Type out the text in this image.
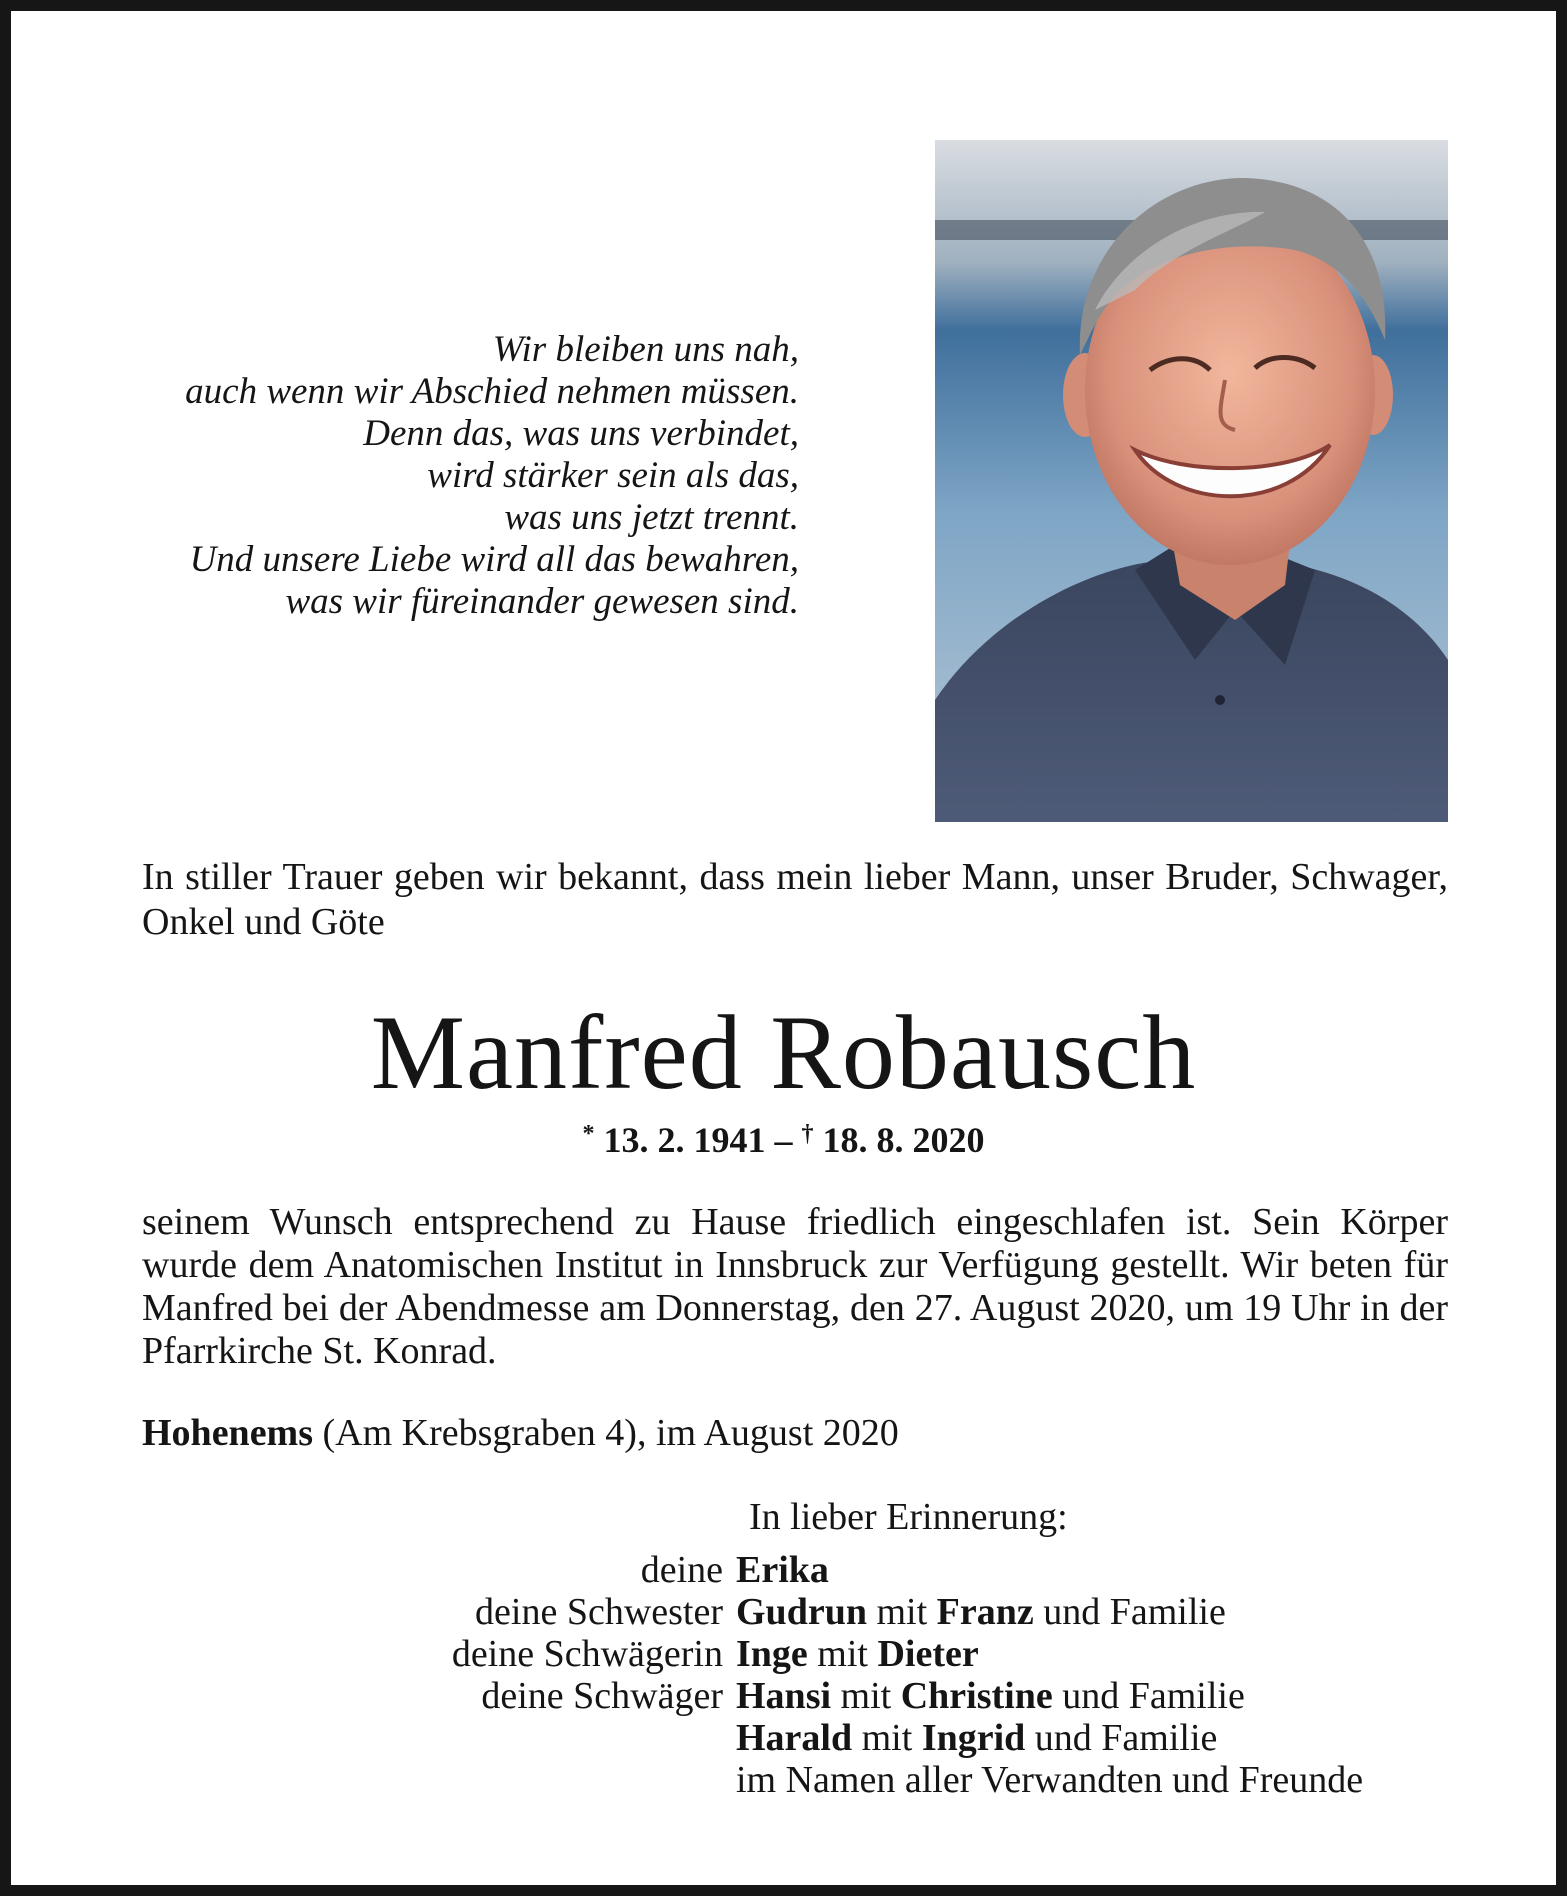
Wir bleiben uns nah,
auch wenn wir Abschied nehmen müssen.
Denn das, was uns verbindet,
wird stärker sein als das,
was uns jetzt trennt.
Und unsere Liebe wird all das bewahren,
was wir füreinander gewesen sind.
In stiller Trauer geben wir bekannt, dass mein lieber Mann, unser Bruder, Schwager, Onkel und Göte
Manfred Robausch
* 13. 2. 1941 – † 18. 8. 2020
seinem Wunsch entsprechend zu Hause friedlich eingeschlafen ist. Sein Körper wurde dem Anatomischen Institut in Innsbruck zur Verfügung gestellt. Wir beten für Manfred bei der Abendmesse am Donnerstag, den 27. August 2020, um 19 Uhr in der Pfarrkirche St. Konrad.
Hohenems (Am Krebsgraben 4), im August 2020
In lieber Erinnerung:
deine Erika
deine Schwester Gudrun mit Franz und Familie
deine Schwägerin Inge mit Dieter
deine Schwäger Hansi mit Christine und Familie
Harald mit Ingrid und Familie
im Namen aller Verwandten und Freunde
